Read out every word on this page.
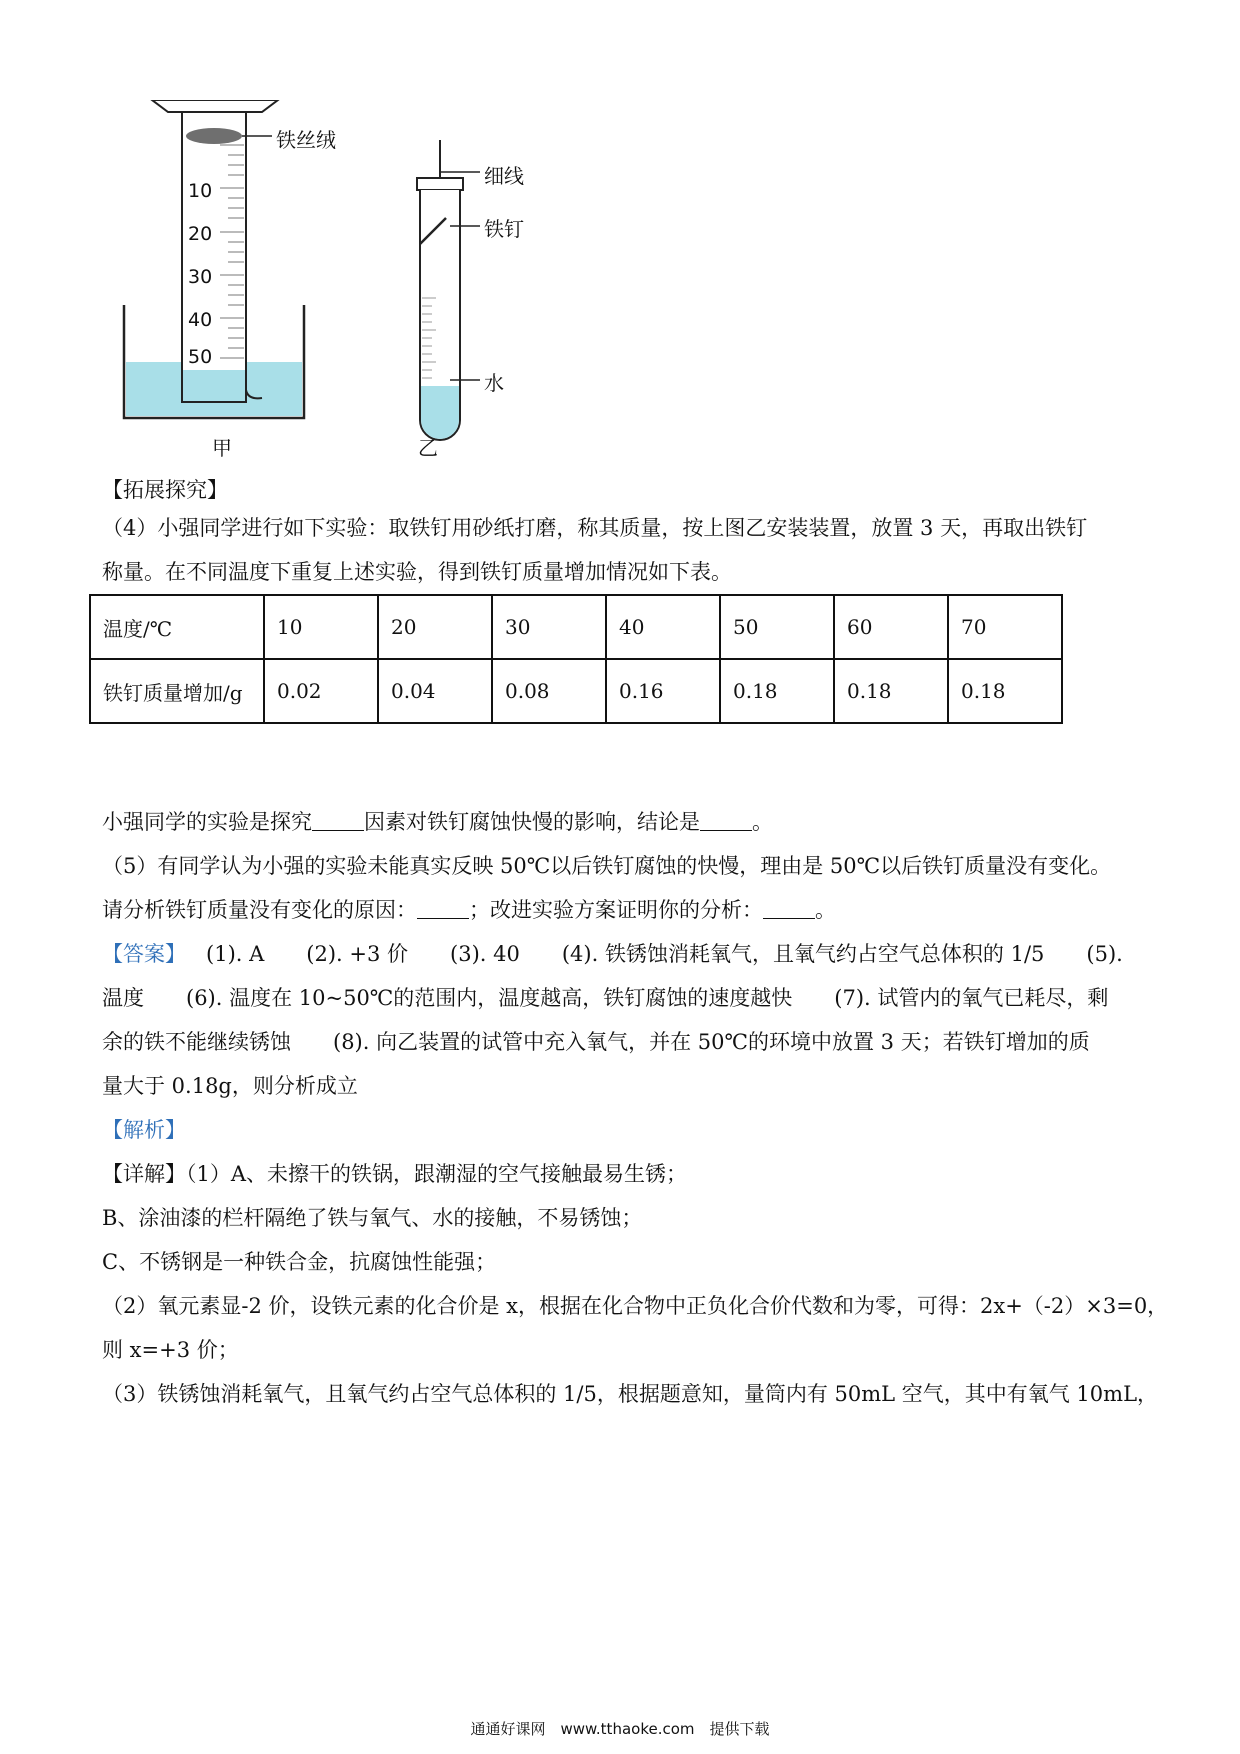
铁丝绒
10
20
30
40
50
甲
细线
铁钉
水
乙
【拓展探究】
（4）小强同学进行如下实验：取铁钉用砂纸打磨，称其质量，按上图乙安装装置，放置 3 天，再取出铁钉
称量。在不同温度下重复上述实验，得到铁钉质量增加情况如下表。
温度/℃	10	20	30	40	50	60	70
铁钉质量增加/g	0.02	0.04	0.08	0.16	0.18	0.18	0.18
小强同学的实验是探究 因素对铁钉腐蚀快慢的影响，结论是 。
（5）有同学认为小强的实验未能真实反映 50℃以后铁钉腐蚀的快慢，理由是 50℃以后铁钉质量没有变化。
请分析铁钉质量没有变化的原因： ；改进实验方案证明你的分析： 。
【答案】 (1). A　　(2). +3 价　　(3). 40　　(4). 铁锈蚀消耗氧气，且氧气约占空气总体积的 1/5　　(5).
温度　　(6). 温度在 10~50℃的范围内，温度越高，铁钉腐蚀的速度越快　　(7). 试管内的氧气已耗尽，剩
余的铁不能继续锈蚀　　(8). 向乙装置的试管中充入氧气，并在 50℃的环境中放置 3 天；若铁钉增加的质
量大于 0.18g，则分析成立
【解析】
【详解】（1）A、未擦干的铁锅，跟潮湿的空气接触最易生锈；
B、涂油漆的栏杆隔绝了铁与氧气、水的接触，不易锈蚀；
C、不锈钢是一种铁合金，抗腐蚀性能强；
（2）氧元素显-2 价，设铁元素的化合价是 x，根据在化合物中正负化合价代数和为零，可得：2x+（-2）×3=0，
则 x=+3 价；
（3）铁锈蚀消耗氧气，且氧气约占空气总体积的 1/5，根据题意知，量筒内有 50mL 空气，其中有氧气 10mL，
通通好课网　www.tthaoke.com　提供下载
